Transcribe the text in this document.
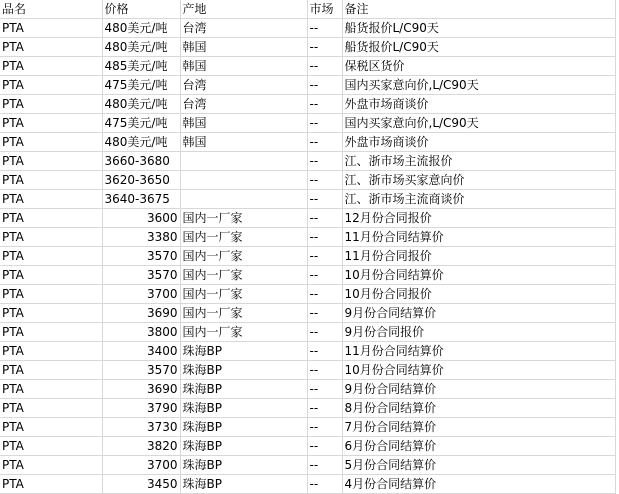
品名	价格	产地	市场	备注
PTA	480美元/吨	台湾	--	船货报价L/C90天
PTA	480美元/吨	韩国	--	船货报价L/C90天
PTA	485美元/吨	韩国	--	保税区货价
PTA	475美元/吨	台湾	--	国内买家意向价,L/C90天
PTA	480美元/吨	台湾	--	外盘市场商谈价
PTA	475美元/吨	韩国	--	国内买家意向价,L/C90天
PTA	480美元/吨	韩国	--	外盘市场商谈价
PTA	3660-3680		--	江、浙市场主流报价
PTA	3620-3650		--	江、浙市场买家意向价
PTA	3640-3675		--	江、浙市场主流商谈价
PTA	3600	国内一厂家	--	12月份合同报价
PTA	3380	国内一厂家	--	11月份合同结算价
PTA	3570	国内一厂家	--	11月份合同报价
PTA	3570	国内一厂家	--	10月份合同结算价
PTA	3700	国内一厂家	--	10月份合同报价
PTA	3690	国内一厂家	--	9月份合同结算价
PTA	3800	国内一厂家	--	9月份合同报价
PTA	3400	珠海BP	--	11月份合同结算价
PTA	3570	珠海BP	--	10月份合同结算价
PTA	3690	珠海BP	--	9月份合同结算价
PTA	3790	珠海BP	--	8月份合同结算价
PTA	3730	珠海BP	--	7月份合同结算价
PTA	3820	珠海BP	--	6月份合同结算价
PTA	3700	珠海BP	--	5月份合同结算价
PTA	3450	珠海BP	--	4月份合同结算价
